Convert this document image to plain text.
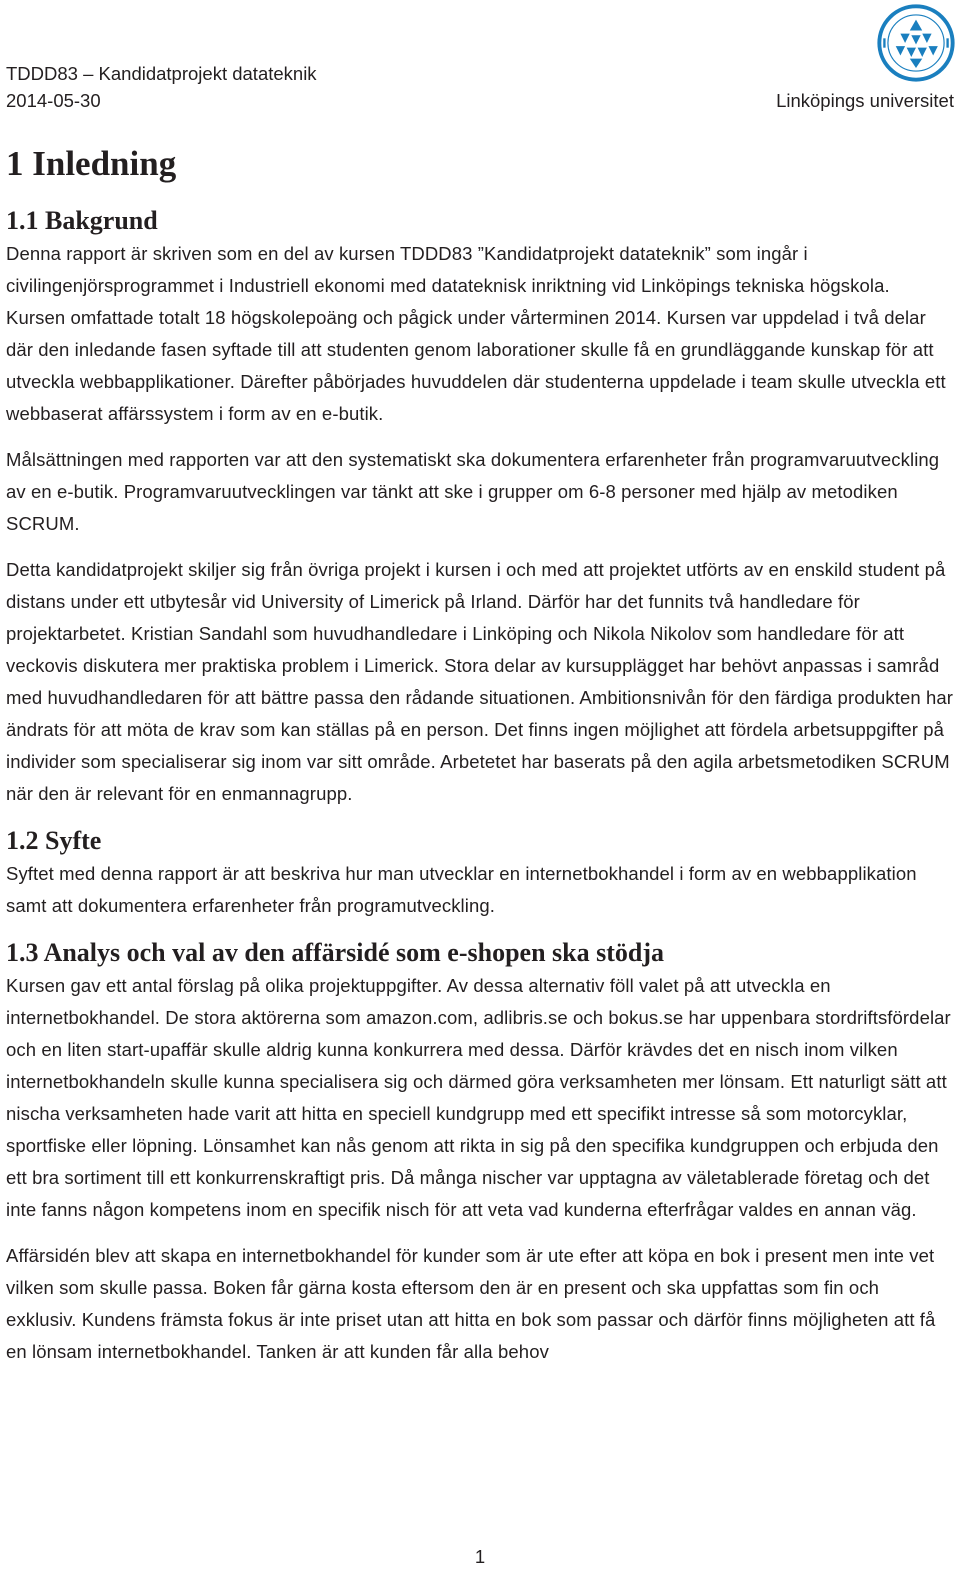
TDDD83 – Kandidatprojekt datateknik
2014-05-30	Linköpings universitet
1 Inledning
1.1 Bakgrund

Denna rapport är skriven som en del av kursen TDDD83 ”Kandidatprojekt datateknik” som ingår i civilingenjörsprogrammet i Industriell ekonomi med datateknisk inriktning vid Linköpings tekniska högskola. Kursen omfattade totalt 18 högskolepoäng och pågick under vårterminen 2014. Kursen var uppdelad i två delar där den inledande fasen syftade till att studenten genom laborationer skulle få en grundläggande kunskap för att utveckla webbapplikationer. Därefter påbörjades huvuddelen där studenterna uppdelade i team skulle utveckla ett webbaserat affärssystem i form av en e-butik.

Målsättningen med rapporten var att den systematiskt ska dokumentera erfarenheter från programvaruutveckling av en e-butik. Programvaruutvecklingen var tänkt att ske i grupper om 6-8 personer med hjälp av metodiken SCRUM.

Detta kandidatprojekt skiljer sig från övriga projekt i kursen i och med att projektet utförts av en enskild student på distans under ett utbytesår vid University of Limerick på Irland. Därför har det funnits två handledare för projektarbetet. Kristian Sandahl som huvudhandledare i Linköping och Nikola Nikolov som handledare för att veckovis diskutera mer praktiska problem i Limerick. Stora delar av kursupplägget har behövt anpassas i samråd med huvudhandledaren för att bättre passa den rådande situationen. Ambitionsnivån för den färdiga produkten har ändrats för att möta de krav som kan ställas på en person. Det finns ingen möjlighet att fördela arbetsuppgifter på individer som specialiserar sig inom var sitt område. Arbetetet har baserats på den agila arbetsmetodiken SCRUM när den är relevant för en enmannagrupp.

1.2 Syfte

Syftet med denna rapport är att beskriva hur man utvecklar en internetbokhandel i form av en webbapplikation samt att dokumentera erfarenheter från programutveckling.

1.3 Analys och val av den affärsidé som e-shopen ska stödja

Kursen gav ett antal förslag på olika projektuppgifter. Av dessa alternativ föll valet på att utveckla en internetbokhandel. De stora aktörerna som amazon.com, adlibris.se och bokus.se har uppenbara stordriftsfördelar och en liten start-upaffär skulle aldrig kunna konkurrera med dessa. Därför krävdes det en nisch inom vilken internetbokhandeln skulle kunna specialisera sig och därmed göra verksamheten mer lönsam. Ett naturligt sätt att nischa verksamheten hade varit att hitta en speciell kundgrupp med ett specifikt intresse så som motorcyklar, sportfiske eller löpning. Lönsamhet kan nås genom att rikta in sig på den specifika kundgruppen och erbjuda den ett bra sortiment till ett konkurrenskraftigt pris. Då många nischer var upptagna av väletablerade företag och det inte fanns någon kompetens inom en specifik nisch för att veta vad kunderna efterfrågar valdes en annan väg.

Affärsidén blev att skapa en internetbokhandel för kunder som är ute efter att köpa en bok i present men inte vet vilken som skulle passa. Boken får gärna kosta eftersom den är en present och ska uppfattas som fin och exklusiv. Kundens främsta fokus är inte priset utan att hitta en bok som passar och därför finns möjligheten att få en lönsam internetbokhandel. Tanken är att kunden får alla behov

1
